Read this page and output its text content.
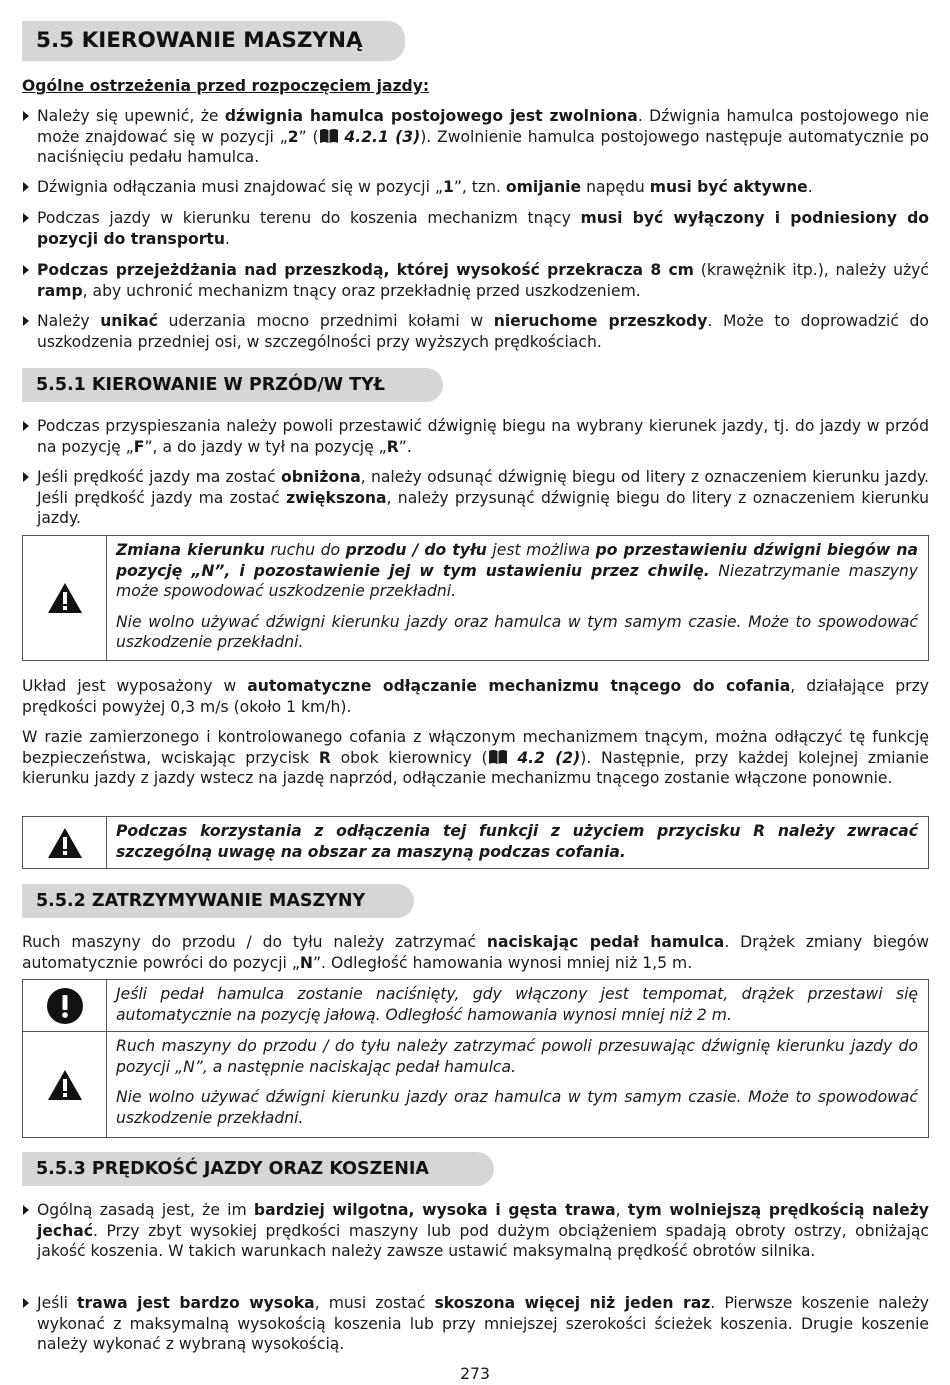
5.5 KIEROWANIE MASZYNĄ
Ogólne ostrzeżenia przed rozpoczęciem jazdy:
Należy się upewnić, że dźwignia hamulca postojowego jest zwolniona. Dźwignia hamulca postojowego nie może znajdować się w pozycji „2” ( 4.2.1 (3)). Zwolnienie hamulca postojowego następuje automatycznie po naciśnięciu pedału hamulca.
Dźwignia odłączania musi znajdować się w pozycji „1”, tzn. omijanie napędu musi być aktywne.
Podczas jazdy w kierunku terenu do koszenia mechanizm tnący musi być wyłączony i podniesiony do pozycji do transportu.
Podczas przejeżdżania nad przeszkodą, której wysokość przekracza 8 cm (krawężnik itp.), należy użyć ramp, aby uchronić mechanizm tnący oraz przekładnię przed uszkodzeniem.
Należy unikać uderzania mocno przednimi kołami w nieruchome przeszkody. Może to doprowadzić do uszkodzenia przedniej osi, w szczególności przy wyższych prędkościach.
5.5.1 KIEROWANIE W PRZÓD/W TYŁ
Podczas przyspieszania należy powoli przestawić dźwignię biegu na wybrany kierunek jazdy, tj. do jazdy w przód na pozycję „F”, a do jazdy w tył na pozycję „R”.
Jeśli prędkość jazdy ma zostać obniżona, należy odsunąć dźwignię biegu od litery z oznaczeniem kierunku jazdy. Jeśli prędkość jazdy ma zostać zwiększona, należy przysunąć dźwignię biegu do litery z oznaczeniem kierunku jazdy.

Zmiana kierunku ruchu do przodu / do tyłu jest możliwa po przestawieniu dźwigni biegów na pozycję „N”, i pozostawienie jej w tym ustawieniu przez chwilę. Niezatrzymanie maszyny może spowodować uszkodzenie przekładni.

Nie wolno używać dźwigni kierunku jazdy oraz hamulca w tym samym czasie. Może to spowodować uszkodzenie przekładni.

Układ jest wyposażony w automatyczne odłączanie mechanizmu tnącego do cofania, działające przy prędkości powyżej 0,3 m/s (około 1 km/h).
W razie zamierzonego i kontrolowanego cofania z włączonym mechanizmem tnącym, można odłączyć tę funkcję bezpieczeństwa, wciskając przycisk R obok kierownicy ( 4.2 (2)). Następnie, przy każdej kolejnej zmianie kierunku jazdy z jazdy wstecz na jazdę naprzód, odłączanie mechanizmu tnącego zostanie włączone ponownie.

Podczas korzystania z odłączenia tej funkcji z użyciem przycisku R należy zwracać szczególną uwagę na obszar za maszyną podczas cofania.

5.5.2 ZATRZYMYWANIE MASZYNY
Ruch maszyny do przodu / do tyłu należy zatrzymać naciskając pedał hamulca. Drążek zmiany biegów automatycznie powróci do pozycji „N”. Odległość hamowania wynosi mniej niż 1,5 m.

Jeśli pedał hamulca zostanie naciśnięty, gdy włączony jest tempomat, drążek przestawi się automatycznie na pozycję jałową. Odległość hamowania wynosi mniej niż 2 m.

Ruch maszyny do przodu / do tyłu należy zatrzymać powoli przesuwając dźwignię kierunku jazdy do pozycji „N”, a następnie naciskając pedał hamulca.

Nie wolno używać dźwigni kierunku jazdy oraz hamulca w tym samym czasie. Może to spowodować uszkodzenie przekładni.

5.5.3 PRĘDKOŚĆ JAZDY ORAZ KOSZENIA
Ogólną zasadą jest, że im bardziej wilgotna, wysoka i gęsta trawa, tym wolniejszą prędkością należy jechać. Przy zbyt wysokiej prędkości maszyny lub pod dużym obciążeniem spadają obroty ostrzy, obniżając jakość koszenia. W takich warunkach należy zawsze ustawić maksymalną prędkość obrotów silnika.
Jeśli trawa jest bardzo wysoka, musi zostać skoszona więcej niż jeden raz. Pierwsze koszenie należy wykonać z maksymalną wysokością koszenia lub przy mniejszej szerokości ścieżek koszenia. Drugie koszenie należy wykonać z wybraną wysokością.
273
